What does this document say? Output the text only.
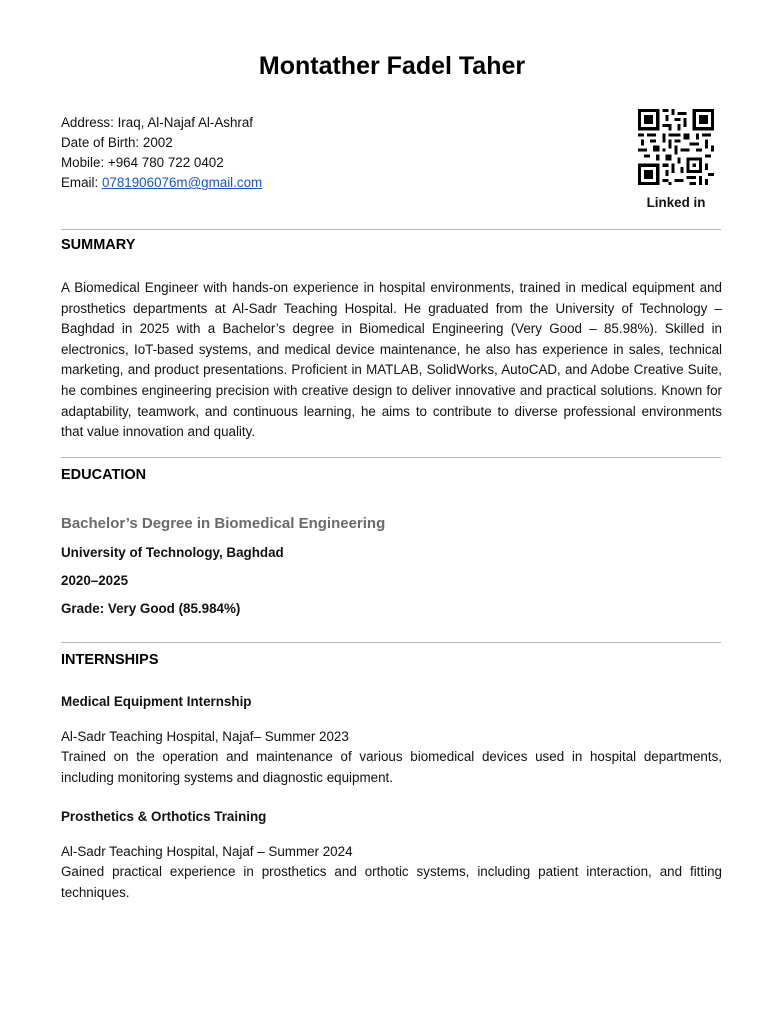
Montather Fadel Taher
Address: Iraq, Al-Najaf Al-Ashraf
Date of Birth: 2002
Mobile: +964 780 722 0402
Email: 0781906076m@gmail.com
Linked in
SUMMARY
A Biomedical Engineer with hands-on experience in hospital environments, trained in medical equipment and prosthetics departments at Al-Sadr Teaching Hospital. He graduated from the University of Technology – Baghdad in 2025 with a Bachelor’s degree in Biomedical Engineering (Very Good – 85.98%). Skilled in electronics, IoT-based systems, and medical device maintenance, he also has experience in sales, technical marketing, and product presentations. Proficient in MATLAB, SolidWorks, AutoCAD, and Adobe Creative Suite, he combines engineering precision with creative design to deliver innovative and practical solutions. Known for adaptability, teamwork, and continuous learning, he aims to contribute to diverse professional environments that value innovation and quality.
EDUCATION
Bachelor’s Degree in Biomedical Engineering
University of Technology, Baghdad
2020–2025
Grade: Very Good (85.984%)
INTERNSHIPS
Medical Equipment Internship
Al-Sadr Teaching Hospital, Najaf– Summer 2023
Trained on the operation and maintenance of various biomedical devices used in hospital departments, including monitoring systems and diagnostic equipment.
Prosthetics & Orthotics Training
Al-Sadr Teaching Hospital, Najaf – Summer 2024
Gained practical experience in prosthetics and orthotic systems, including patient interaction, and fitting techniques.
